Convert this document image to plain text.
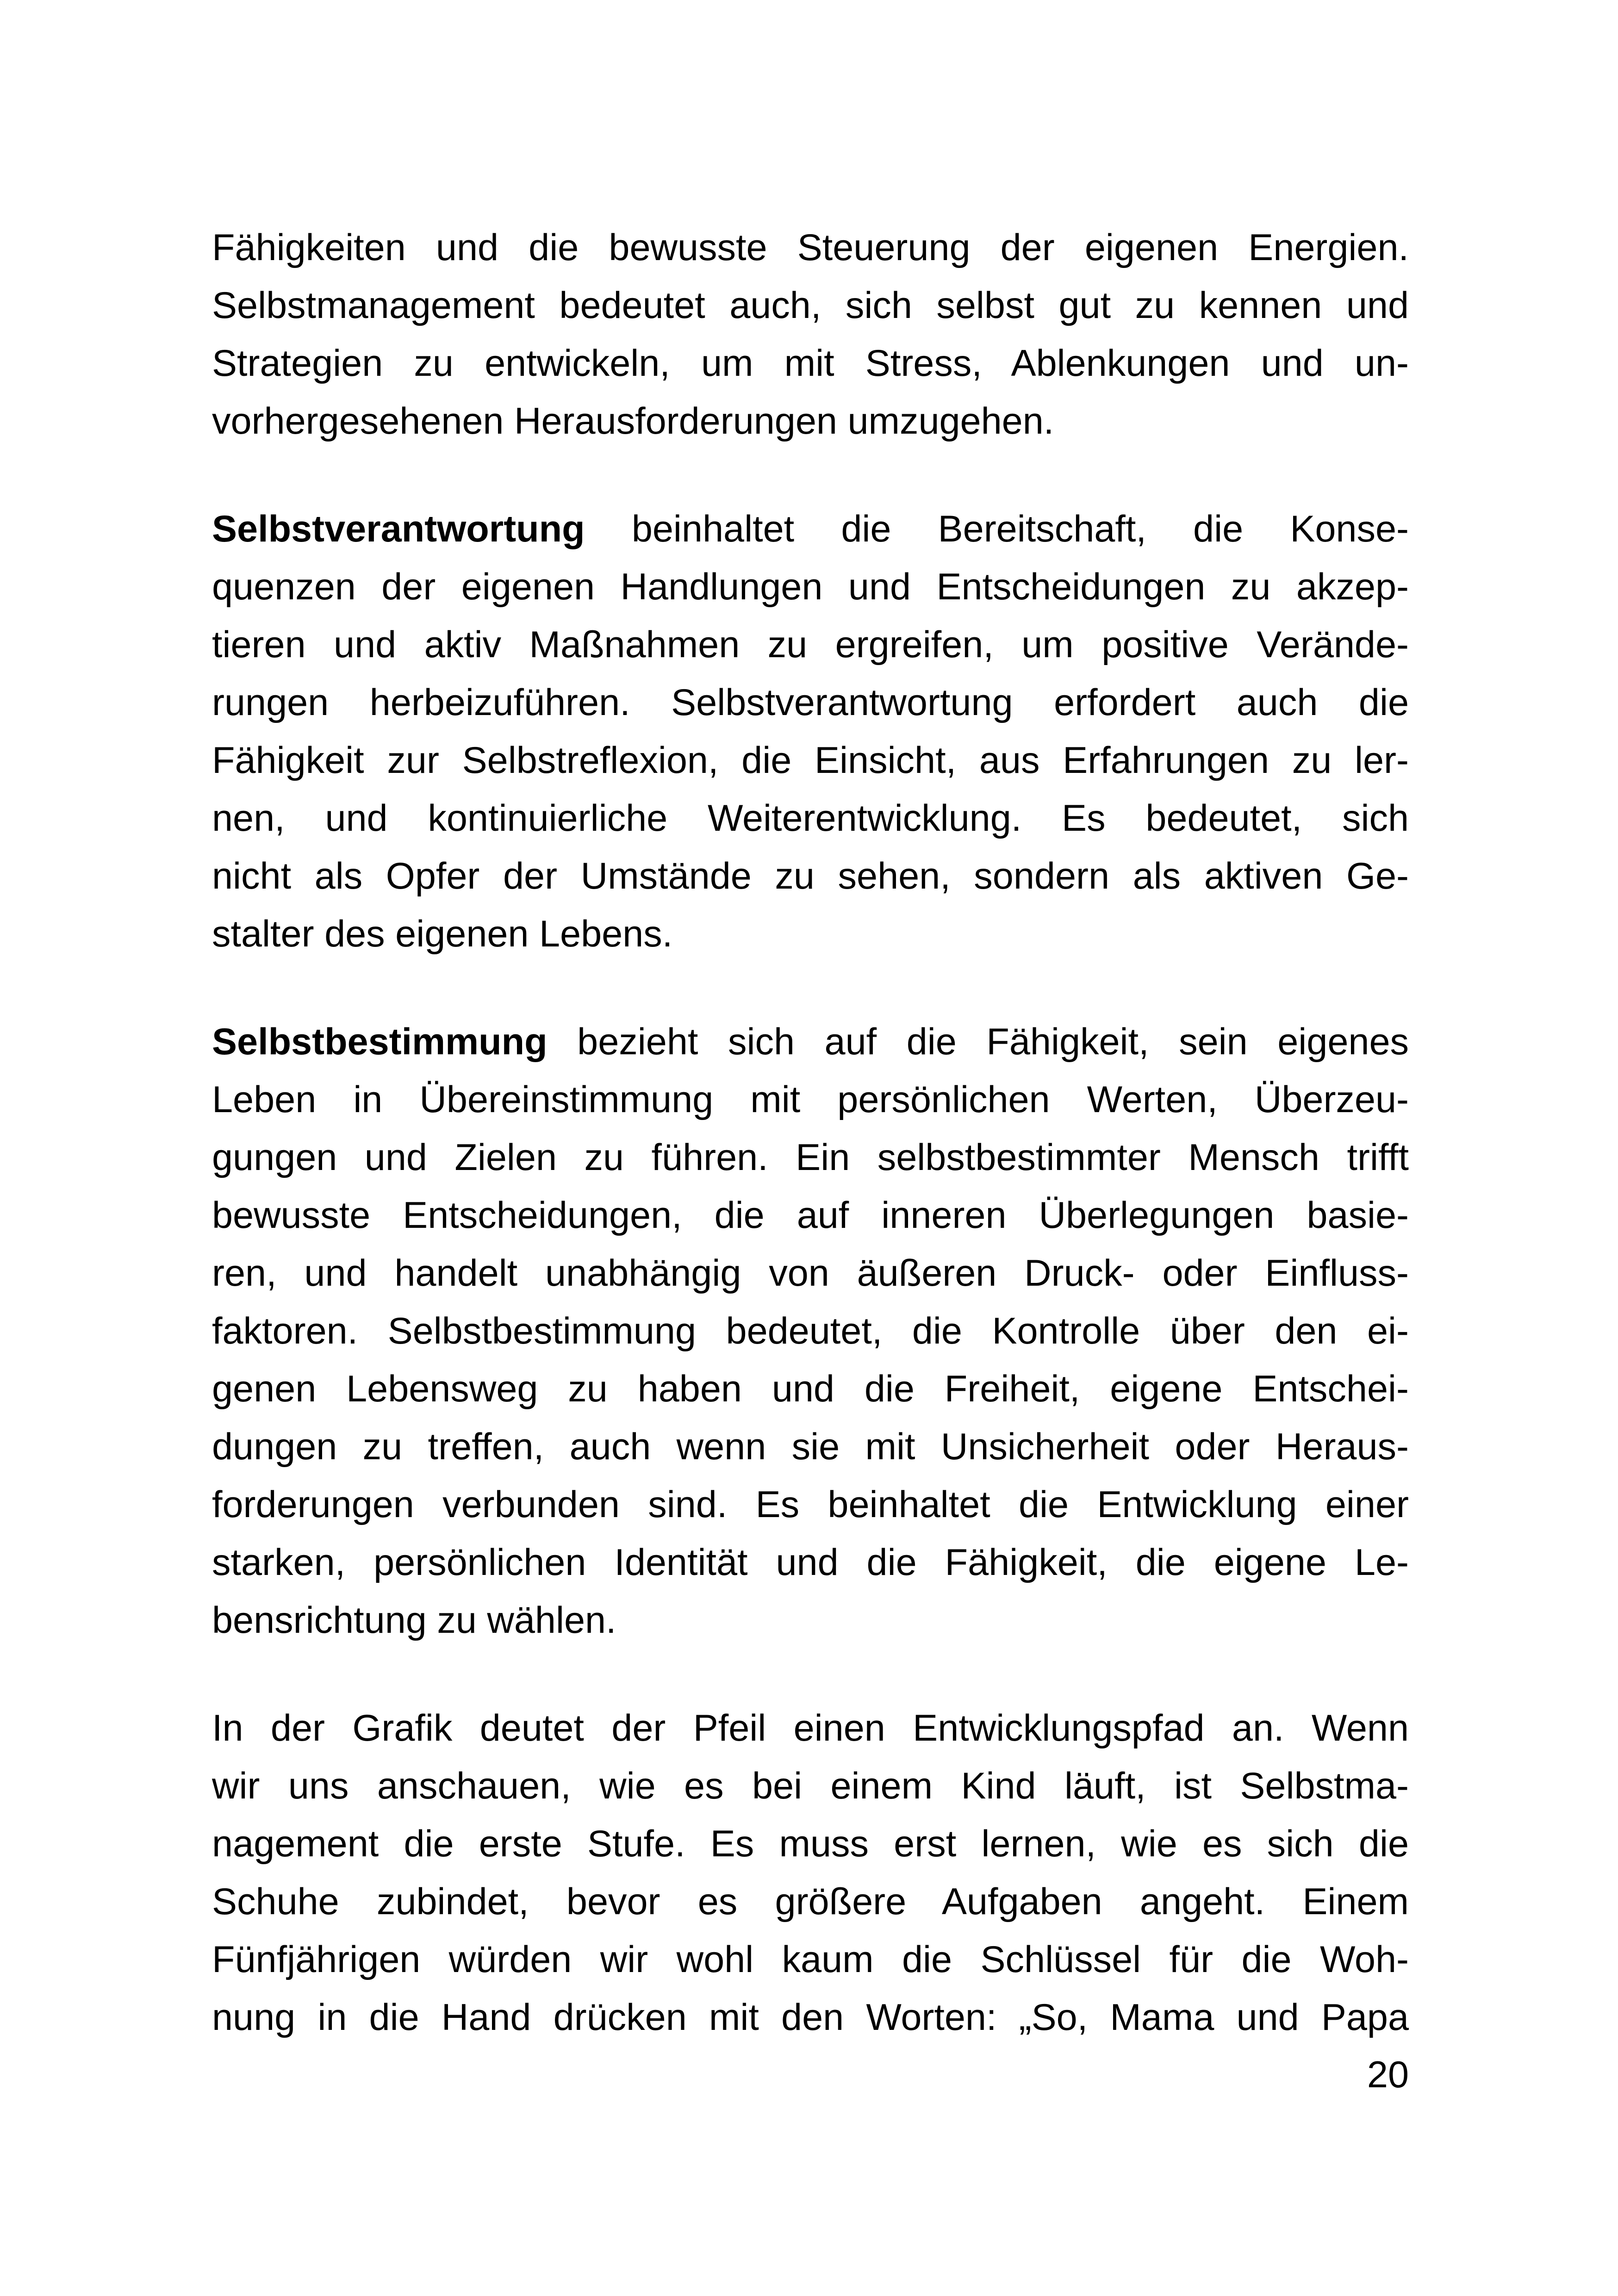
Fähigkeiten und die bewusste Steuerung der eigenen Energien.
Selbstmanagement bedeutet auch, sich selbst gut zu kennen und
Strategien zu entwickeln, um mit Stress, Ablenkungen und un-
vorhergesehenen Herausforderungen umzugehen.

Selbstverantwortung beinhaltet die Bereitschaft, die Konse-
quenzen der eigenen Handlungen und Entscheidungen zu akzep-
tieren und aktiv Maßnahmen zu ergreifen, um positive Verände-
rungen herbeizuführen. Selbstverantwortung erfordert auch die
Fähigkeit zur Selbstreflexion, die Einsicht, aus Erfahrungen zu ler-
nen, und kontinuierliche Weiterentwicklung. Es bedeutet, sich
nicht als Opfer der Umstände zu sehen, sondern als aktiven Ge-
stalter des eigenen Lebens.

Selbstbestimmung bezieht sich auf die Fähigkeit, sein eigenes
Leben in Übereinstimmung mit persönlichen Werten, Überzeu-
gungen und Zielen zu führen. Ein selbstbestimmter Mensch trifft
bewusste Entscheidungen, die auf inneren Überlegungen basie-
ren, und handelt unabhängig von äußeren Druck- oder Einfluss-
faktoren. Selbstbestimmung bedeutet, die Kontrolle über den ei-
genen Lebensweg zu haben und die Freiheit, eigene Entschei-
dungen zu treffen, auch wenn sie mit Unsicherheit oder Heraus-
forderungen verbunden sind. Es beinhaltet die Entwicklung einer
starken, persönlichen Identität und die Fähigkeit, die eigene Le-
bensrichtung zu wählen.

In der Grafik deutet der Pfeil einen Entwicklungspfad an. Wenn
wir uns anschauen, wie es bei einem Kind läuft, ist Selbstma-
nagement die erste Stufe. Es muss erst lernen, wie es sich die
Schuhe zubindet, bevor es größere Aufgaben angeht. Einem
Fünfjährigen würden wir wohl kaum die Schlüssel für die Woh-
nung in die Hand drücken mit den Worten: „So, Mama und Papa

20
